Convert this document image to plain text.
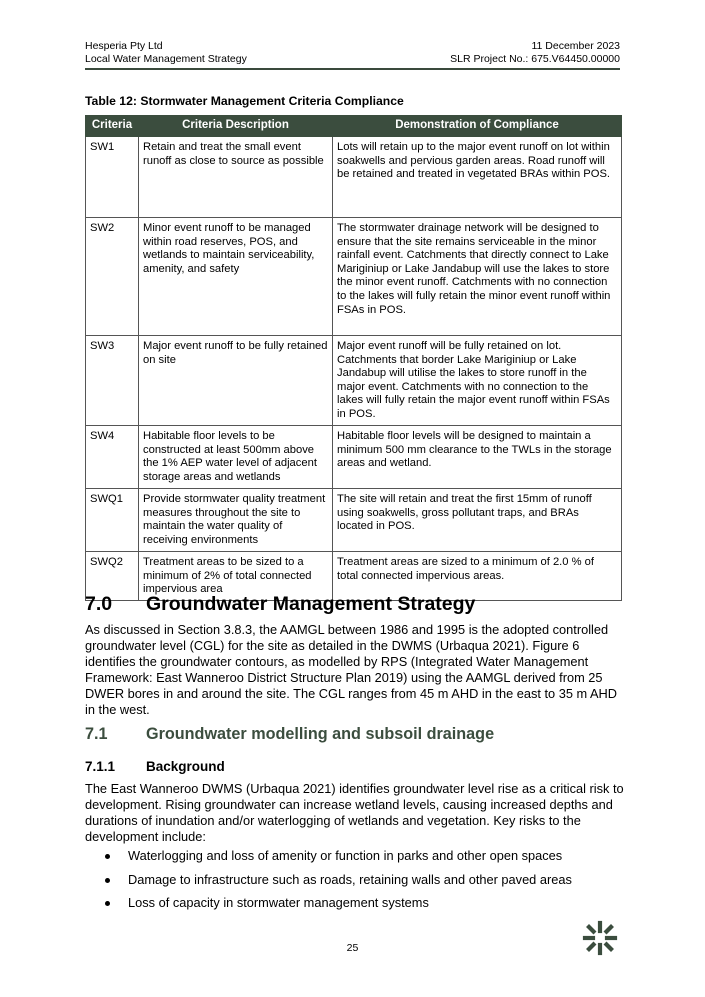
Hesperia Pty Ltd
Local Water Management Strategy
11 December 2023
SLR Project No.: 675.V64450.00000
Table 12: Stormwater Management Criteria Compliance
Criteria	Criteria Description	Demonstration of Compliance
SW1	Retain and treat the small event runoff as close to source as possible	Lots will retain up to the major event runoff on lot within soakwells and pervious garden areas. Road runoff will be retained and treated in vegetated BRAs within POS.
SW2	Minor event runoff to be managed within road reserves, POS, and wetlands to maintain serviceability, amenity, and safety	The stormwater drainage network will be designed to ensure that the site remains serviceable in the minor rainfall event. Catchments that directly connect to Lake Mariginiup or Lake Jandabup will use the lakes to store the minor event runoff. Catchments with no connection to the lakes will fully retain the minor event runoff within FSAs in POS.
SW3	Major event runoff to be fully retained on site	Major event runoff will be fully retained on lot. Catchments that border Lake Mariginiup or Lake Jandabup will utilise the lakes to store runoff in the major event. Catchments with no connection to the lakes will fully retain the major event runoff within FSAs in POS.
SW4	Habitable floor levels to be constructed at least 500mm above the 1% AEP water level of adjacent storage areas and wetlands	Habitable floor levels will be designed to maintain a minimum 500 mm clearance to the TWLs in the storage areas and wetland.
SWQ1	Provide stormwater quality treatment measures throughout the site to maintain the water quality of receiving environments	The site will retain and treat the first 15mm of runoff using soakwells, gross pollutant traps, and BRAs located in POS.
SWQ2	Treatment areas to be sized to a minimum of 2% of total connected impervious area	Treatment areas are sized to a minimum of 2.0 % of total connected impervious areas.
7.0 Groundwater Management Strategy

As discussed in Section 3.8.3, the AAMGL between 1986 and 1995 is the adopted controlled groundwater level (CGL) for the site as detailed in the DWMS (Urbaqua 2021). Figure 6 identifies the groundwater contours, as modelled by RPS (Integrated Water Management Framework: East Wanneroo District Structure Plan 2019) using the AAMGL derived from 25 DWER bores in and around the site. The CGL ranges from 45 m AHD in the east to 35 m AHD in the west.

7.1 Groundwater modelling and subsoil drainage
7.1.1 Background

The East Wanneroo DWMS (Urbaqua 2021) identifies groundwater level rise as a critical risk to development. Rising groundwater can increase wetland levels, causing increased depths and durations of inundation and/or waterlogging of wetlands and vegetation. Key risks to the development include:

Waterlogging and loss of amenity or function in parks and other open spaces
Damage to infrastructure such as roads, retaining walls and other paved areas
Loss of capacity in stormwater management systems
25
